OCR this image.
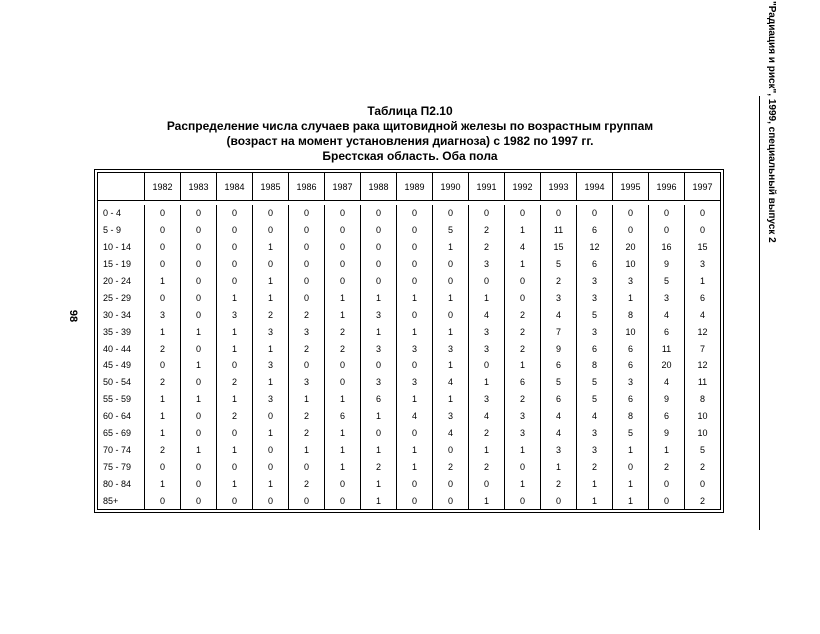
Таблица П2.10
Распределение числа случаев рака щитовидной железы по возрастным группам
(возраст на момент установления диагноза) с 1982 по 1997 гг.
Брестская область. Оба пола
98
"Радиация и риск", 1999, специальный выпуск 2
	1982	1983	1984	1985	1986	1987	1988	1989	1990	1991	1992	1993	1994	1995	1996	1997

0 - 4	0	0	0	0	0	0	0	0	0	0	0	0	0	0	0	0
5 - 9	0	0	0	0	0	0	0	0	5	2	1	11	6	0	0	0
10 - 14	0	0	0	1	0	0	0	0	1	2	4	15	12	20	16	15
15 - 19	0	0	0	0	0	0	0	0	0	3	1	5	6	10	9	3
20 - 24	1	0	0	1	0	0	0	0	0	0	0	2	3	3	5	1
25 - 29	0	0	1	1	0	1	1	1	1	1	0	3	3	1	3	6
30 - 34	3	0	3	2	2	1	3	0	0	4	2	4	5	8	4	4
35 - 39	1	1	1	3	3	2	1	1	1	3	2	7	3	10	6	12
40 - 44	2	0	1	1	2	2	3	3	3	3	2	9	6	6	11	7
45 - 49	0	1	0	3	0	0	0	0	1	0	1	6	8	6	20	12
50 - 54	2	0	2	1	3	0	3	3	4	1	6	5	5	3	4	11
55 - 59	1	1	1	3	1	1	6	1	1	3	2	6	5	6	9	8
60 - 64	1	0	2	0	2	6	1	4	3	4	3	4	4	8	6	10
65 - 69	1	0	0	1	2	1	0	0	4	2	3	4	3	5	9	10
70 - 74	2	1	1	0	1	1	1	1	0	1	1	3	3	1	1	5
75 - 79	0	0	0	0	0	1	2	1	2	2	0	1	2	0	2	2
80 - 84	1	0	1	1	2	0	1	0	0	0	1	2	1	1	0	0
85+	0	0	0	0	0	0	1	0	0	1	0	0	1	1	0	2
